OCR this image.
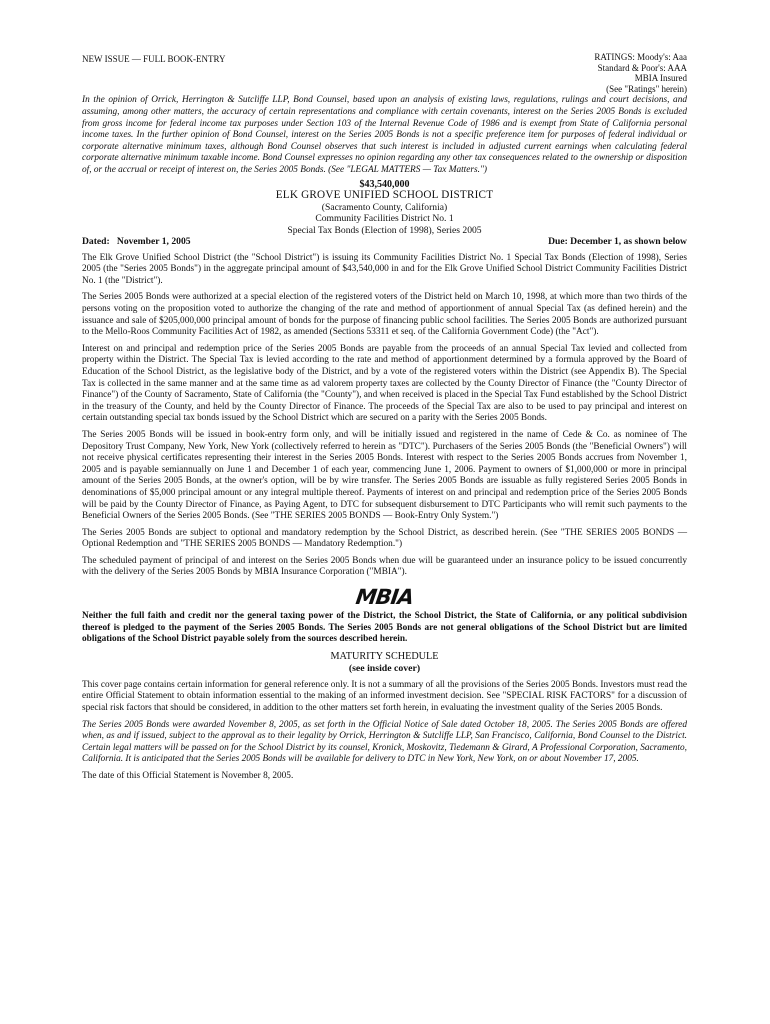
NEW ISSUE — FULL BOOK-ENTRY	RATINGS: Moody's: Aaa
Standard & Poor's: AAA
MBIA Insured
(See "Ratings" herein)
In the opinion of Orrick, Herrington & Sutcliffe LLP, Bond Counsel, based upon an analysis of existing laws, regulations, rulings and court decisions, and assuming, among other matters, the accuracy of certain representations and compliance with certain covenants, interest on the Series 2005 Bonds is excluded from gross income for federal income tax purposes under Section 103 of the Internal Revenue Code of 1986 and is exempt from State of California personal income taxes. In the further opinion of Bond Counsel, interest on the Series 2005 Bonds is not a specific preference item for purposes of federal individual or corporate alternative minimum taxes, although Bond Counsel observes that such interest is included in adjusted current earnings when calculating federal corporate alternative minimum taxable income. Bond Counsel expresses no opinion regarding any other tax consequences related to the ownership or disposition of, or the accrual or receipt of interest on, the Series 2005 Bonds. (See "LEGAL MATTERS — Tax Matters.")
$43,540,000
ELK GROVE UNIFIED SCHOOL DISTRICT
(Sacramento County, California)
Community Facilities District No. 1
Special Tax Bonds (Election of 1998), Series 2005
Dated:   November 1, 2005	Due: December 1, as shown below

The Elk Grove Unified School District (the "School District") is issuing its Community Facilities District No. 1 Special Tax Bonds (Election of 1998), Series 2005 (the "Series 2005 Bonds") in the aggregate principal amount of $43,540,000 in and for the Elk Grove Unified School District Community Facilities District No. 1 (the "District").

The Series 2005 Bonds were authorized at a special election of the registered voters of the District held on March 10, 1998, at which more than two thirds of the persons voting on the proposition voted to authorize the changing of the rate and method of apportionment of annual Special Tax (as defined herein) and the issuance and sale of $205,000,000 principal amount of bonds for the purpose of financing public school facilities. The Series 2005 Bonds are authorized pursuant to the Mello-Roos Community Facilities Act of 1982, as amended (Sections 53311 et seq. of the California Government Code) (the "Act").

Interest on and principal and redemption price of the Series 2005 Bonds are payable from the proceeds of an annual Special Tax levied and collected from property within the District. The Special Tax is levied according to the rate and method of apportionment determined by a formula approved by the Board of Education of the School District, as the legislative body of the District, and by a vote of the registered voters within the District (see Appendix B). The Special Tax is collected in the same manner and at the same time as ad valorem property taxes are collected by the County Director of Finance (the "County Director of Finance") of the County of Sacramento, State of California (the "County"), and when received is placed in the Special Tax Fund established by the School District in the treasury of the County, and held by the County Director of Finance. The proceeds of the Special Tax are also to be used to pay principal and interest on certain outstanding special tax bonds issued by the School District which are secured on a parity with the Series 2005 Bonds.

The Series 2005 Bonds will be issued in book-entry form only, and will be initially issued and registered in the name of Cede & Co. as nominee of The Depository Trust Company, New York, New York (collectively referred to herein as "DTC"). Purchasers of the Series 2005 Bonds (the "Beneficial Owners") will not receive physical certificates representing their interest in the Series 2005 Bonds. Interest with respect to the Series 2005 Bonds accrues from November 1, 2005 and is payable semiannually on June 1 and December 1 of each year, commencing June 1, 2006. Payment to owners of $1,000,000 or more in principal amount of the Series 2005 Bonds, at the owner's option, will be by wire transfer. The Series 2005 Bonds are issuable as fully registered Series 2005 Bonds in denominations of $5,000 principal amount or any integral multiple thereof. Payments of interest on and principal and redemption price of the Series 2005 Bonds will be paid by the County Director of Finance, as Paying Agent, to DTC for subsequent disbursement to DTC Participants who will remit such payments to the Beneficial Owners of the Series 2005 Bonds. (See "THE SERIES 2005 BONDS — Book-Entry Only System.")

The Series 2005 Bonds are subject to optional and mandatory redemption by the School District, as described herein. (See "THE SERIES 2005 BONDS — Optional Redemption and "THE SERIES 2005 BONDS — Mandatory Redemption.")

The scheduled payment of principal of and interest on the Series 2005 Bonds when due will be guaranteed under an insurance policy to be issued concurrently with the delivery of the Series 2005 Bonds by MBIA Insurance Corporation ("MBIA").

MBIA

Neither the full faith and credit nor the general taxing power of the District, the School District, the State of California, or any political subdivision thereof is pledged to the payment of the Series 2005 Bonds. The Series 2005 Bonds are not general obligations of the School District but are limited obligations of the School District payable solely from the sources described herein.

MATURITY SCHEDULE
(see inside cover)

This cover page contains certain information for general reference only. It is not a summary of all the provisions of the Series 2005 Bonds. Investors must read the entire Official Statement to obtain information essential to the making of an informed investment decision. See "SPECIAL RISK FACTORS" for a discussion of special risk factors that should be considered, in addition to the other matters set forth herein, in evaluating the investment quality of the Series 2005 Bonds.

The Series 2005 Bonds were awarded November 8, 2005, as set forth in the Official Notice of Sale dated October 18, 2005. The Series 2005 Bonds are offered when, as and if issued, subject to the approval as to their legality by Orrick, Herrington & Sutcliffe LLP, San Francisco, California, Bond Counsel to the District. Certain legal matters will be passed on for the School District by its counsel, Kronick, Moskovitz, Tiedemann & Girard, A Professional Corporation, Sacramento, California. It is anticipated that the Series 2005 Bonds will be available for delivery to DTC in New York, New York, on or about November 17, 2005.

The date of this Official Statement is November 8, 2005.
